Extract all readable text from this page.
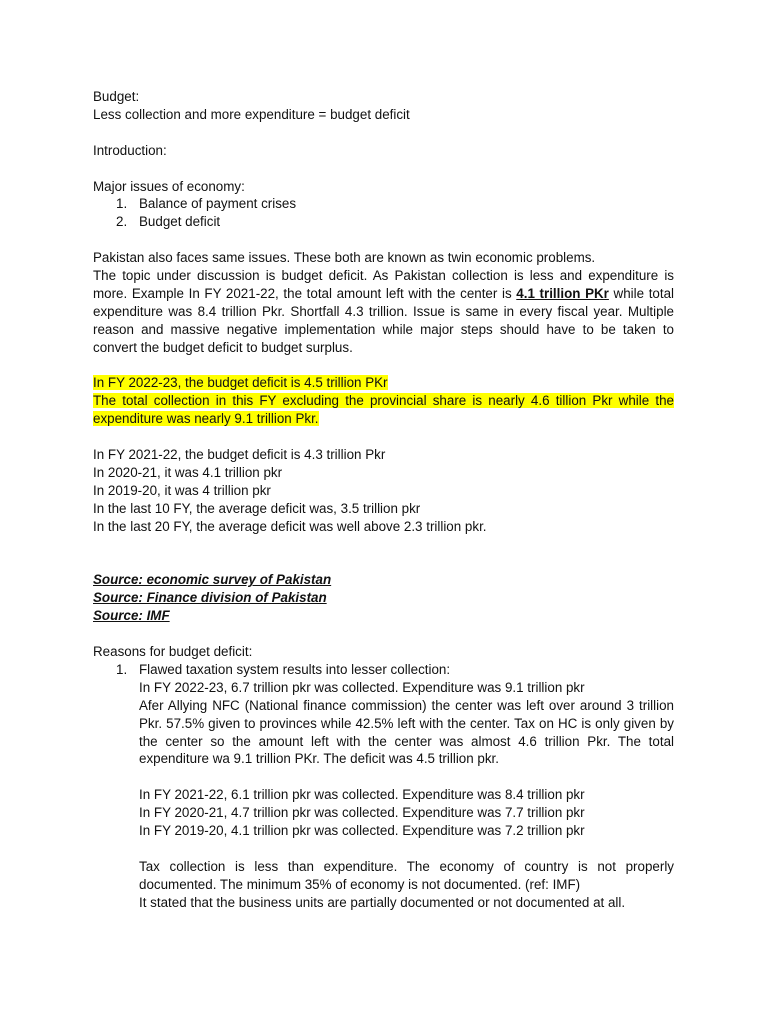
Budget:

Less collection and more expenditure = budget deficit

Introduction:

Major issues of economy:

1. Balance of payment crises
2. Budget deficit

Pakistan also faces same issues. These both are known as twin economic problems.

The topic under discussion is budget deficit. As Pakistan collection is less and expenditure is more. Example In FY 2021-22, the total amount left with the center is 4.1 trillion PKr while total expenditure was 8.4 trillion Pkr. Shortfall 4.3 trillion. Issue is same in every fiscal year. Multiple reason and massive negative implementation while major steps should have to be taken to convert the budget deficit to budget surplus.

In FY 2022-23, the budget deficit is 4.5 trillion PKr

The total collection in this FY excluding the provincial share is nearly 4.6 tillion Pkr while the expenditure was nearly 9.1 trillion Pkr.

In FY 2021-22, the budget deficit is 4.3 trillion Pkr

In 2020-21, it was 4.1 trillion pkr

In 2019-20, it was 4 trillion pkr

In the last 10 FY, the average deficit was, 3.5 trillion pkr

In the last 20 FY, the average deficit was well above 2.3 trillion pkr.

Source: economic survey of Pakistan

Source: Finance division of Pakistan

Source: IMF

Reasons for budget deficit:

1. Flawed taxation system results into lesser collection:

In FY 2022-23, 6.7 trillion pkr was collected. Expenditure was 9.1 trillion pkr

Afer Allying NFC (National finance commission) the center was left over around 3 trillion Pkr. 57.5% given to provinces while 42.5% left with the center. Tax on HC is only given by the center so the amount left with the center was almost 4.6 trillion Pkr. The total expenditure wa 9.1 trillion PKr. The deficit was 4.5 trillion pkr.

In FY 2021-22, 6.1 trillion pkr was collected. Expenditure was 8.4 trillion pkr

In FY 2020-21, 4.7 trillion pkr was collected. Expenditure was 7.7 trillion pkr

In FY 2019-20, 4.1 trillion pkr was collected. Expenditure was 7.2 trillion pkr

Tax collection is less than expenditure. The economy of country is not properly documented. The minimum 35% of economy is not documented. (ref: IMF)

It stated that the business units are partially documented or not documented at all.
